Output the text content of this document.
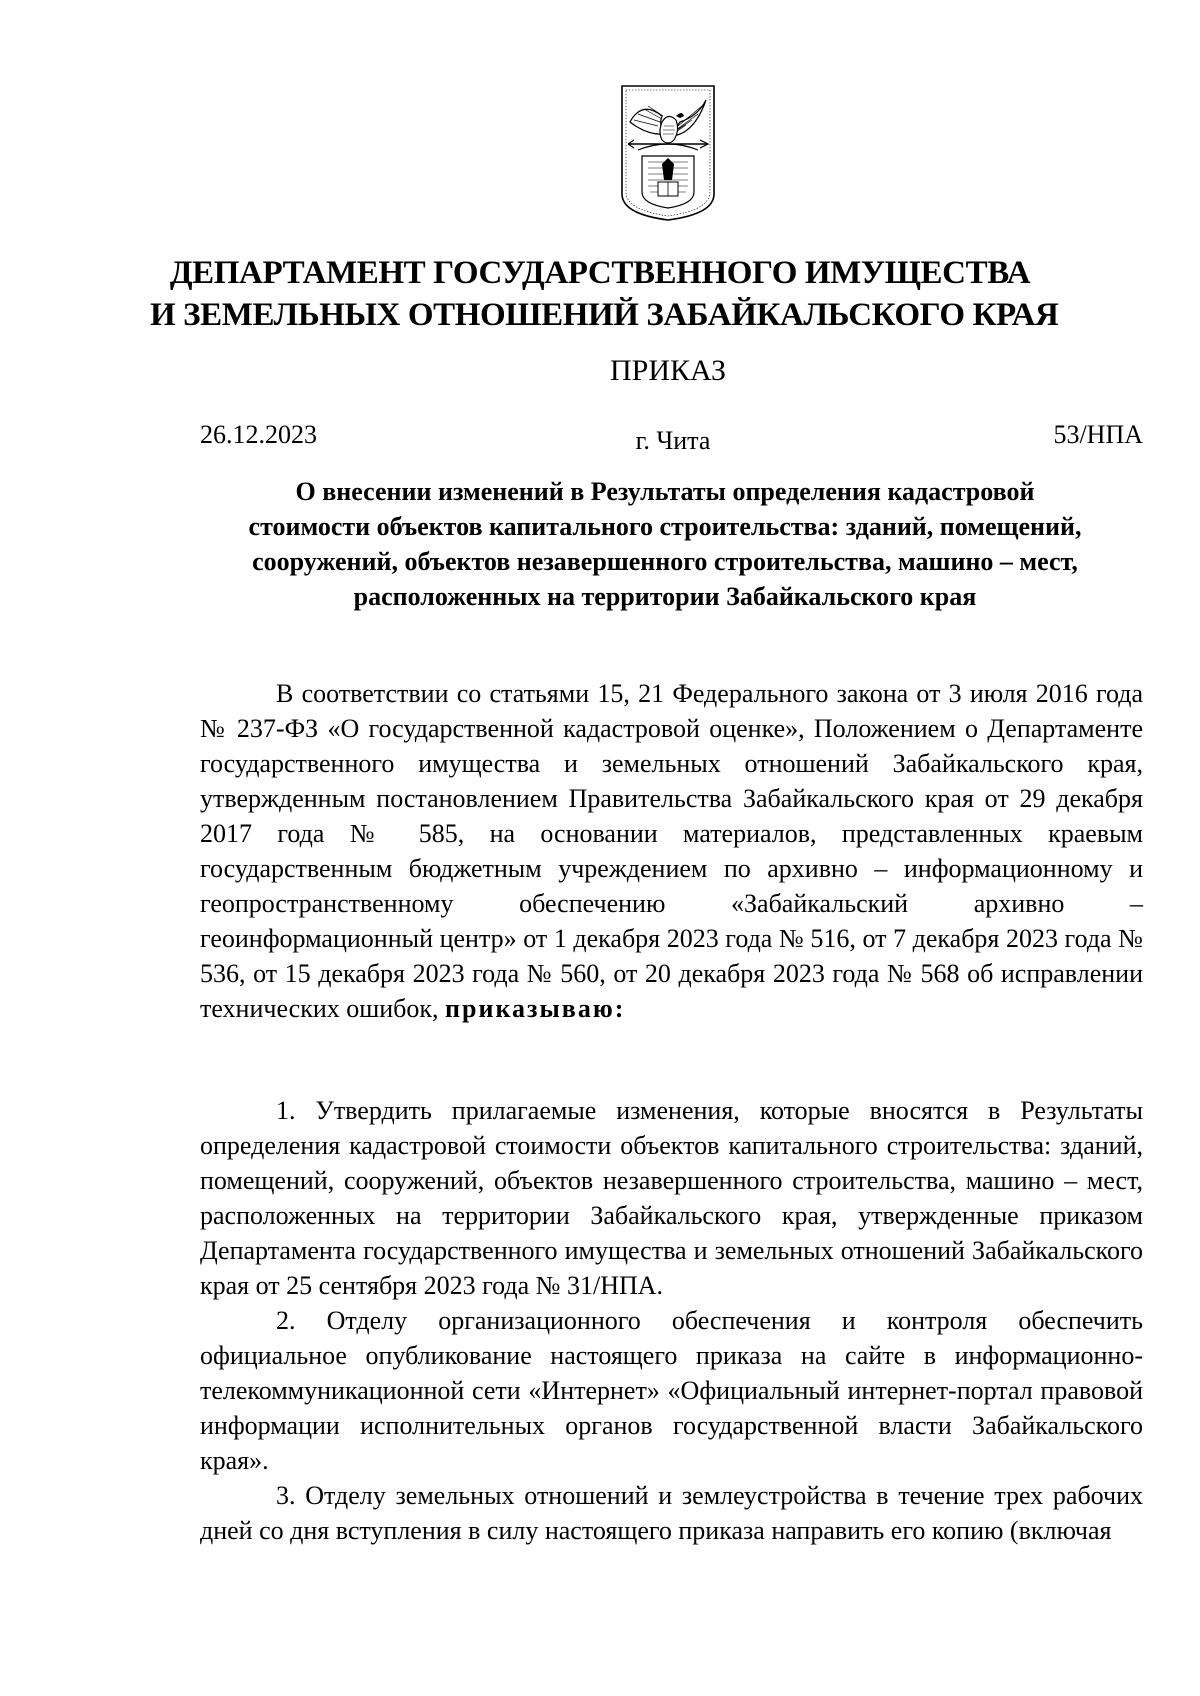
ДЕПАРТАМЕНТ ГОСУДАРСТВЕННОГО ИМУЩЕСТВА
И ЗЕМЕЛЬНЫХ ОТНОШЕНИЙ ЗАБАЙКАЛЬСКОГО КРАЯ
ПРИКАЗ
26.12.2023	г. Чита	53/НПА
О внесении изменений в Результаты определения кадастровой
стоимости объектов капитального строительства: зданий, помещений,
сооружений, объектов незавершенного строительства, машино – мест,
расположенных на территории Забайкальского края

В соответствии со статьями 15, 21 Федерального закона от 3 июля 2016 года № 237-ФЗ «О государственной кадастровой оценке», Положением о Департаменте государственного имущества и земельных отношений Забайкальского края, утвержденным постановлением Правительства Забайкальского края от 29 декабря 2017 года № 585, на основании материалов, представленных краевым государственным бюджетным учреждением по архивно – информационному и геопространственному обеспечению «Забайкальский архивно – геоинформационный центр» от 1 декабря 2023 года № 516, от 7 декабря 2023 года № 536, от 15 декабря 2023 года № 560, от 20 декабря 2023 года № 568 об исправлении технических ошибок, приказываю:

1. Утвердить прилагаемые изменения, которые вносятся в Результаты определения кадастровой стоимости объектов капитального строительства: зданий, помещений, сооружений, объектов незавершенного строительства, машино – мест, расположенных на территории Забайкальского края, утвержденные приказом Департамента государственного имущества и земельных отношений Забайкальского края от 25 сентября 2023 года № 31/НПА.

2. Отделу организационного обеспечения и контроля обеспечить официальное опубликование настоящего приказа на сайте в информационно-телекоммуникационной сети «Интернет» «Официальный интернет-портал правовой информации исполнительных органов государственной власти Забайкальского края».

3. Отделу земельных отношений и землеустройства в течение трех рабочих дней со дня вступления в силу настоящего приказа направить его копию (включая
